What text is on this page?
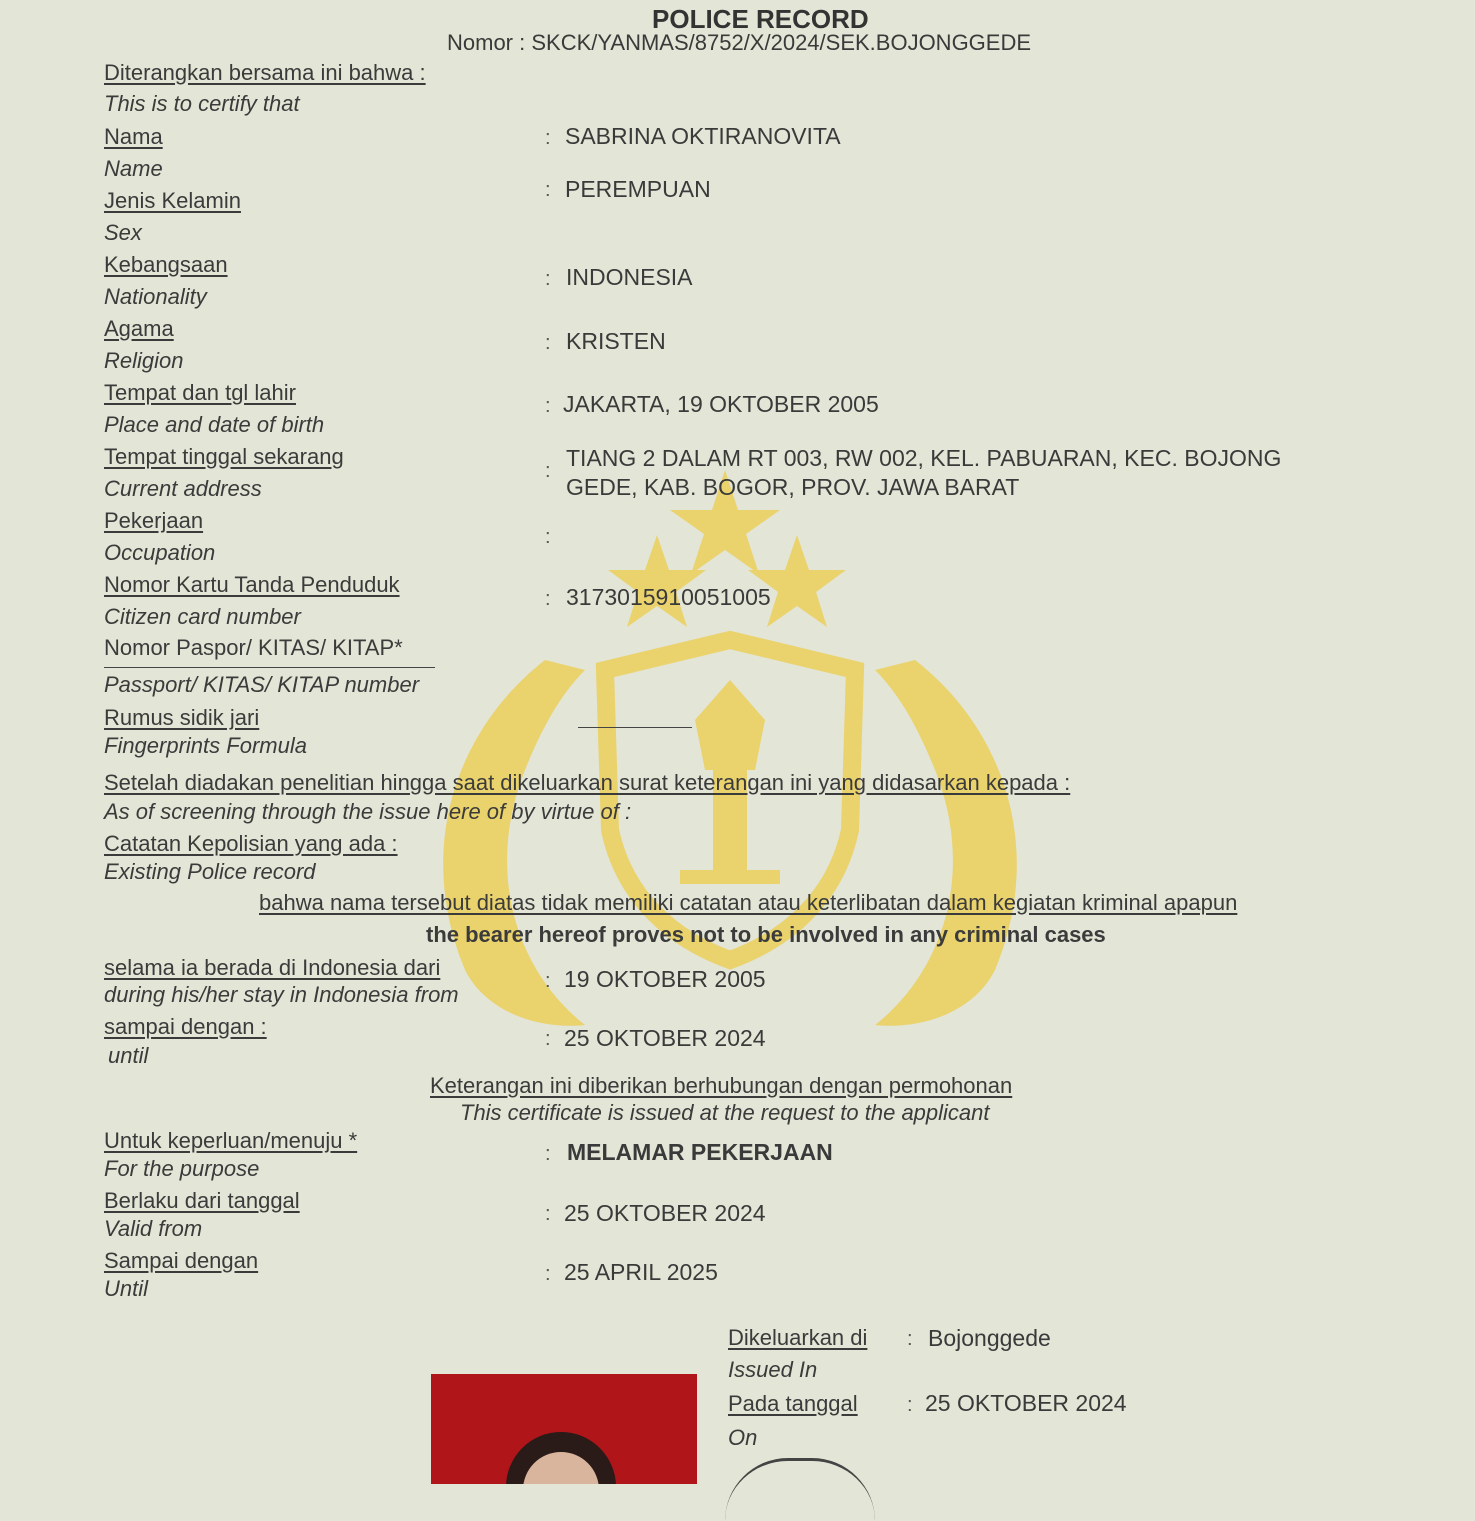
POLICE RECORD
Nomor : SKCK/YANMAS/8752/X/2024/SEK.BOJONGGEDE
Diterangkan bersama ini bahwa :
This is to certify that
Nama
Name
: SABRINA OKTIRANOVITA
Jenis Kelamin
Sex
: PEREMPUAN
Kebangsaan
Nationality
: INDONESIA
Agama
Religion
: KRISTEN
Tempat dan tgl lahir
Place and date of birth
: JAKARTA, 19 OKTOBER 2005
Tempat tinggal sekarang
Current address
: TIANG 2 DALAM RT 003, RW 002, KEL. PABUARAN, KEC. BOJONG
GEDE, KAB. BOGOR, PROV. JAWA BARAT
Pekerjaan
Occupation
:
Nomor Kartu Tanda Penduduk
Citizen card number
: 3173015910051005
Nomor Paspor/ KITAS/ KITAP*
Passport/ KITAS/ KITAP number
Rumus sidik jari
Fingerprints Formula
Setelah diadakan penelitian hingga saat dikeluarkan surat keterangan ini yang didasarkan kepada :
As of screening through the issue here of by virtue of :
Catatan Kepolisian yang ada :
Existing Police record
bahwa nama tersebut diatas tidak memiliki catatan atau keterlibatan dalam kegiatan kriminal apapun
the bearer hereof proves not to be involved in any criminal cases
selama ia berada di Indonesia dari
during his/her stay in Indonesia from
: 19 OKTOBER 2005
sampai dengan :
until
: 25 OKTOBER 2024
Keterangan ini diberikan berhubungan dengan permohonan
This certificate is issued at the request to the applicant
Untuk keperluan/menuju *
For the purpose
: MELAMAR PEKERJAAN
Berlaku dari tanggal
Valid from
: 25 OKTOBER 2024
Sampai dengan
Until
: 25 APRIL 2025
Dikeluarkan di
Issued In
: Bojonggede
Pada tanggal
On
: 25 OKTOBER 2024
